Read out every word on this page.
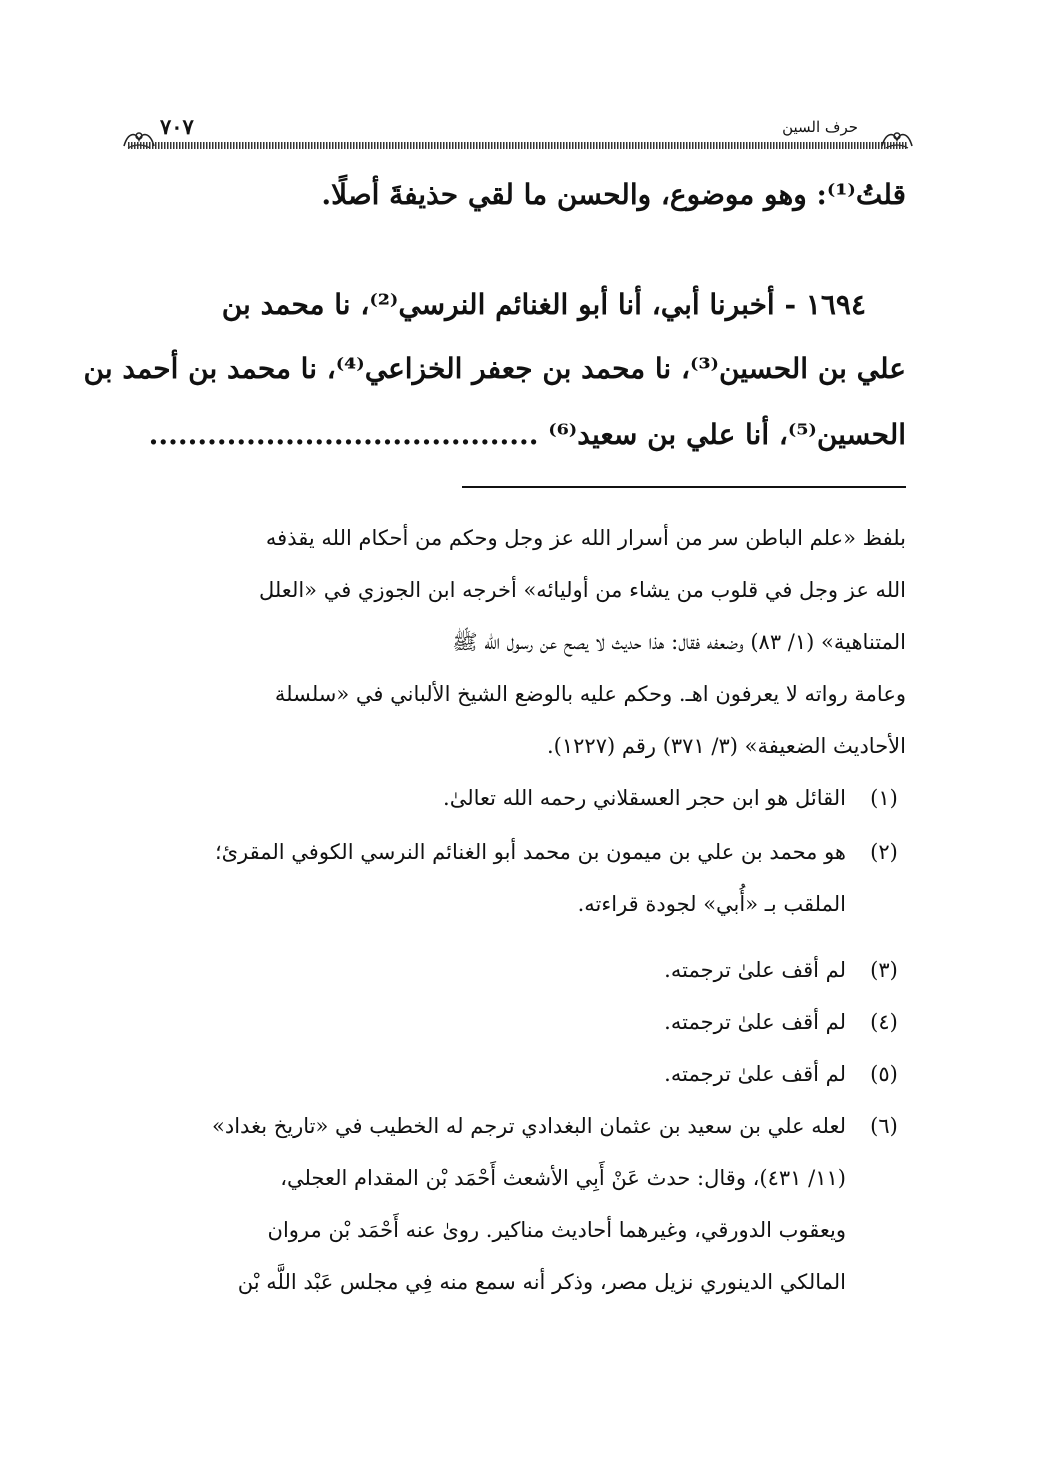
٧٠٧	حرف السين
قلتُ⁽¹⁾: وهو موضوع، والحسن ما لقي حذيفةَ أصلًا.
١٦٩٤ - أخبرنا أبي، أنا أبو الغنائم النرسي⁽²⁾، نا محمد بن
علي بن الحسين⁽³⁾، نا محمد بن جعفر الخزاعي⁽⁴⁾، نا محمد بن أحمد بن
الحسين⁽⁵⁾، أنا علي بن سعيد⁽⁶⁾ ........................................
بلفظ «علم الباطن سر من أسرار الله عز وجل وحكم من أحكام الله يقذفه
الله عز وجل في قلوب من يشاء من أوليائه» أخرجه ابن الجوزي في «العلل
المتناهية» (١/ ٨٣) وضعفه فقال: هذا حديث لا يصح عن رسول الله ﷺ
وعامة رواته لا يعرفون اهـ. وحكم عليه بالوضع الشيخ الألباني في «سلسلة
الأحاديث الضعيفة» (٣/ ٣٧١) رقم (١٢٢٧).
(١)
القائل هو ابن حجر العسقلاني رحمه الله تعالىٰ.
(٢)
هو محمد بن علي بن ميمون بن محمد أبو الغنائم النرسي الكوفي المقرئ؛
الملقب بـ «أُبي» لجودة قراءته.
(٣)
لم أقف علىٰ ترجمته.
(٤)
لم أقف علىٰ ترجمته.
(٥)
لم أقف علىٰ ترجمته.
(٦)
لعله علي بن سعيد بن عثمان البغدادي ترجم له الخطيب في «تاريخ بغداد»
(١١/ ٤٣١)، وقال: حدث عَنْ أَبِي الأشعث أَحْمَد بْن المقدام العجلي،
ويعقوب الدورقي، وغيرهما أحاديث مناكير. روىٰ عنه أَحْمَد بْن مروان
المالكي الدينوري نزيل مصر، وذكر أنه سمع منه فِي مجلس عَبْد اللَّه بْن
